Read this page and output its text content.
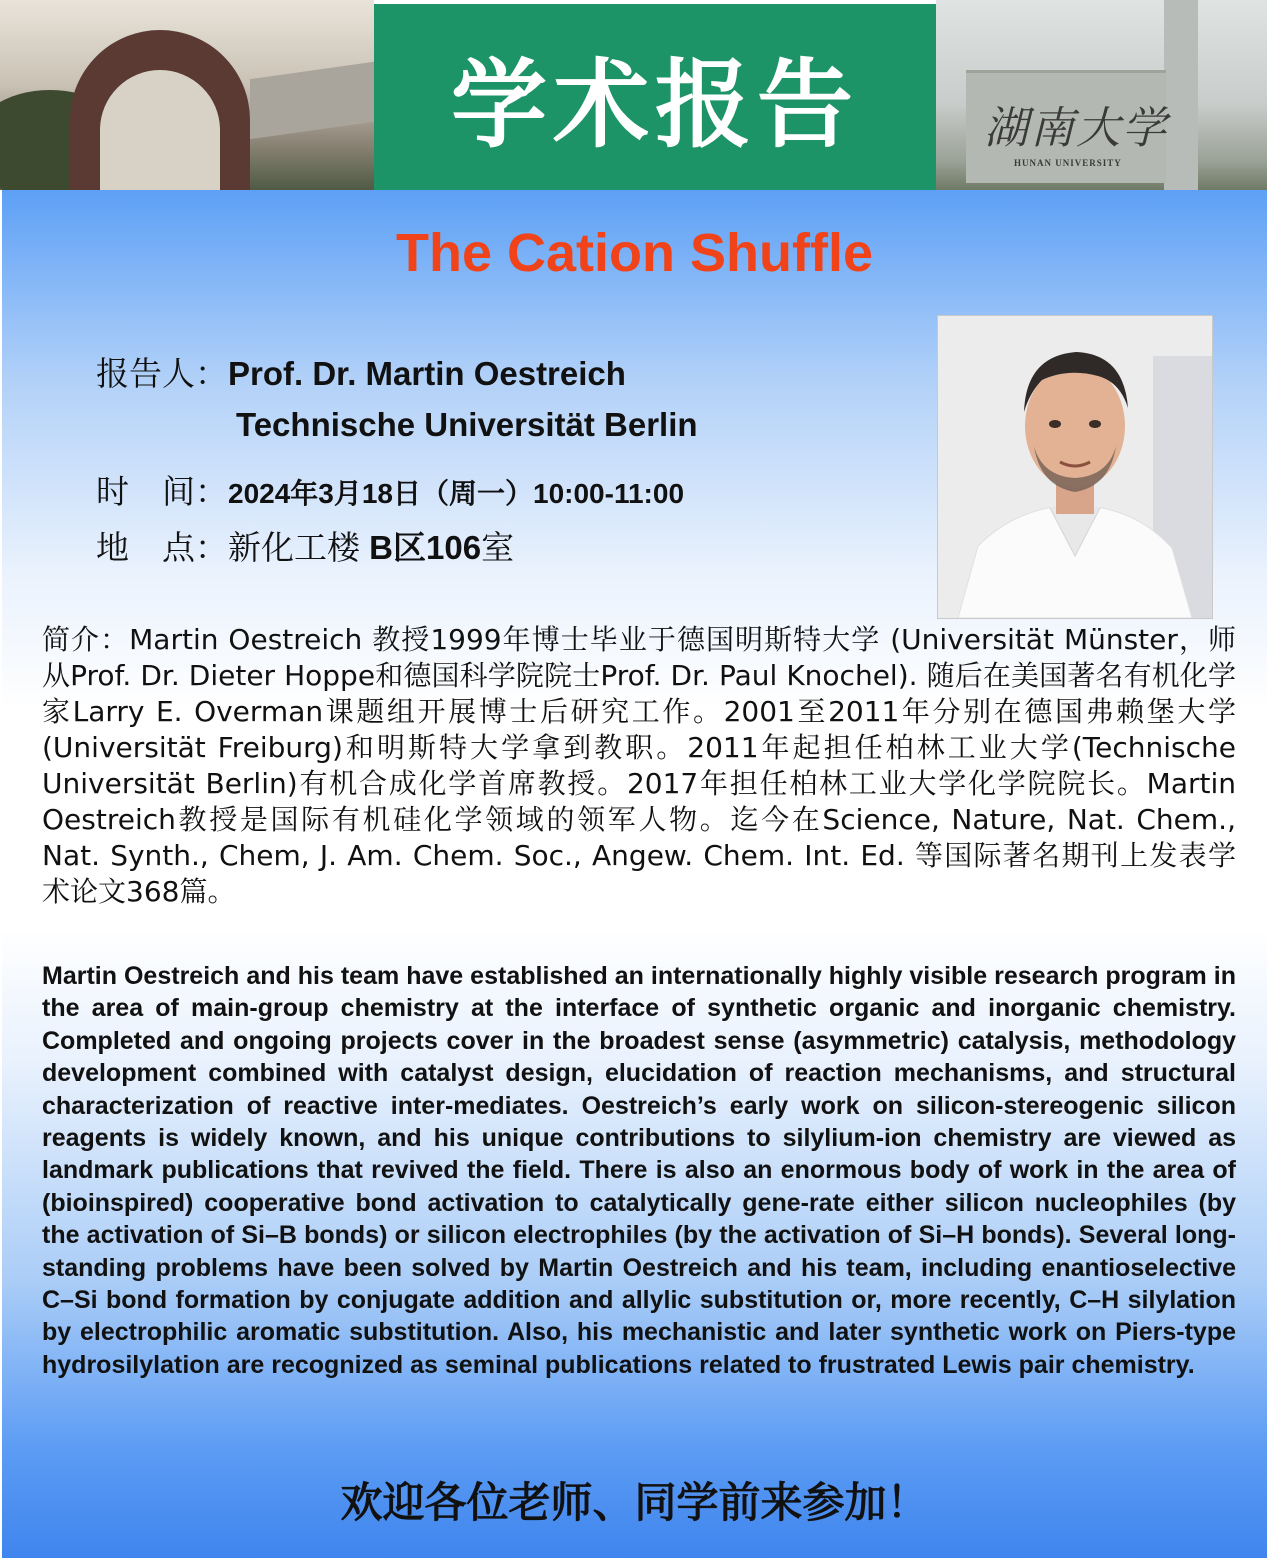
学术报告	湖南大学
HUNAN UNIVERSITY
The Cation Shuffle
报告人：Prof. Dr. Martin Oestreich
Technische Universität Berlin
时　间：2024年3月18日（周一）10:00-11:00
地　点：新化工楼 B区106室
简介：Martin Oestreich 教授1999年博士毕业于德国明斯特大学 (Universität Münster，师从Prof. Dr. Dieter Hoppe和德国科学院院士Prof. Dr. Paul Knochel). 随后在美国著名有机化学家Larry E. Overman课题组开展博士后研究工作。2001至2011年分别在德国弗赖堡大学(Universität Freiburg)和明斯特大学拿到教职。2011年起担任柏林工业大学(Technische Universität Berlin)有机合成化学首席教授。2017年担任柏林工业大学化学院院长。Martin Oestreich教授是国际有机硅化学领域的领军人物。迄今在Science, Nature, Nat. Chem., Nat. Synth., Chem, J. Am. Chem. Soc., Angew. Chem. Int. Ed. 等国际著名期刊上发表学术论文368篇。
Martin Oestreich and his team have established an internationally highly visible research program in the area of main-group chemistry at the interface of synthetic organic and inorganic chemistry. Completed and ongoing projects cover in the broadest sense (asymmetric) catalysis, methodology development combined with catalyst design, elucidation of reaction mechanisms, and structural characterization of reactive inter-mediates. Oestreich’s early work on silicon-stereogenic silicon reagents is widely known, and his unique contributions to silylium-ion chemistry are viewed as landmark publications that revived the field. There is also an enormous body of work in the area of (bioinspired) cooperative bond activation to catalytically gene-rate either silicon nucleophiles (by the activation of Si–B bonds) or silicon electrophiles (by the activation of Si–H bonds). Several long-standing problems have been solved by Martin Oestreich and his team, including enantioselective C–Si bond formation by conjugate addition and allylic substitution or, more recently, C–H silylation by electrophilic aromatic substitution. Also, his mechanistic and later synthetic work on Piers-type hydrosilylation are recognized as seminal publications related to frustrated Lewis pair chemistry.
欢迎各位老师、同学前来参加！
